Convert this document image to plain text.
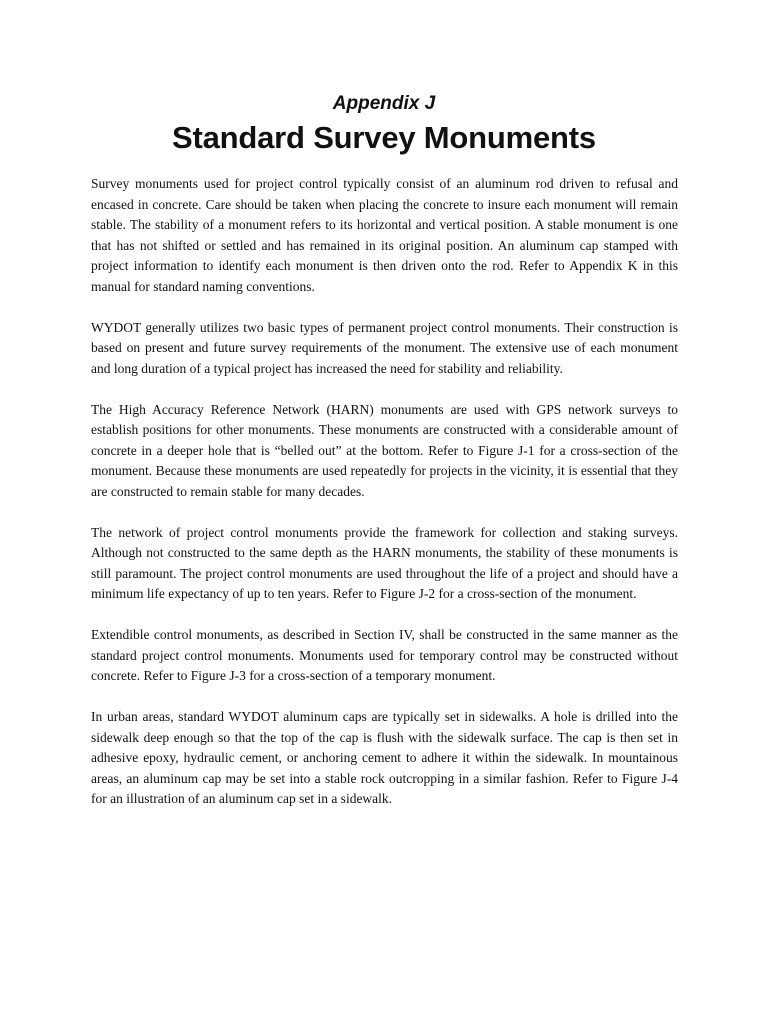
Appendix J
Standard Survey Monuments

Survey monuments used for project control typically consist of an aluminum rod driven to refusal and encased in concrete. Care should be taken when placing the concrete to insure each monument will remain stable. The stability of a monument refers to its horizontal and vertical position. A stable monument is one that has not shifted or settled and has remained in its original position. An aluminum cap stamped with project information to identify each monument is then driven onto the rod. Refer to Appendix K in this manual for standard naming conventions.

WYDOT generally utilizes two basic types of permanent project control monuments. Their construction is based on present and future survey requirements of the monument. The extensive use of each monument and long duration of a typical project has increased the need for stability and reliability.

The High Accuracy Reference Network (HARN) monuments are used with GPS network surveys to establish positions for other monuments. These monuments are constructed with a considerable amount of concrete in a deeper hole that is “belled out” at the bottom. Refer to Figure J-1 for a cross-section of the monument. Because these monuments are used repeatedly for projects in the vicinity, it is essential that they are constructed to remain stable for many decades.

The network of project control monuments provide the framework for collection and staking surveys. Although not constructed to the same depth as the HARN monuments, the stability of these monuments is still paramount. The project control monuments are used throughout the life of a project and should have a minimum life expectancy of up to ten years. Refer to Figure J-2 for a cross-section of the monument.

Extendible control monuments, as described in Section IV, shall be constructed in the same manner as the standard project control monuments. Monuments used for temporary control may be constructed without concrete. Refer to Figure J-3 for a cross-section of a temporary monument.

In urban areas, standard WYDOT aluminum caps are typically set in sidewalks. A hole is drilled into the sidewalk deep enough so that the top of the cap is flush with the sidewalk surface. The cap is then set in adhesive epoxy, hydraulic cement, or anchoring cement to adhere it within the sidewalk. In mountainous areas, an aluminum cap may be set into a stable rock outcropping in a similar fashion. Refer to Figure J-4 for an illustration of an aluminum cap set in a sidewalk.
